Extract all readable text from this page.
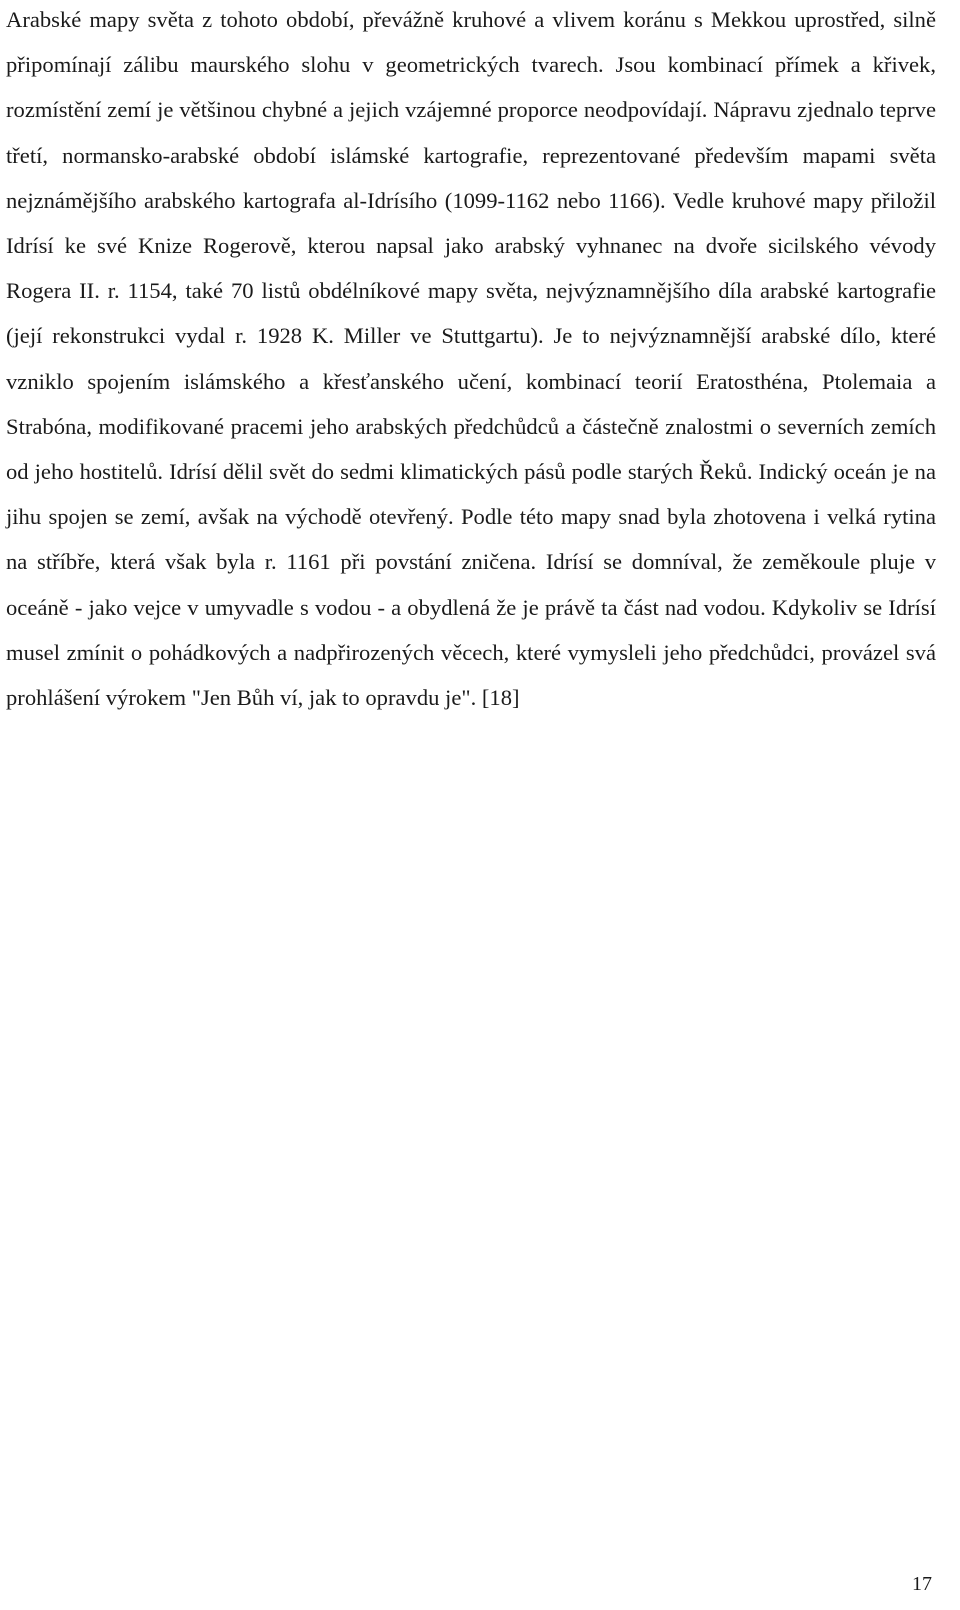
Arabské mapy světa z tohoto období, převážně kruhové a vlivem koránu s Mekkou uprostřed, silně připomínají zálibu maurského slohu v geometrických tvarech. Jsou kombinací přímek a křivek, rozmístění zemí je většinou chybné a jejich vzájemné proporce neodpovídají. Nápravu zjednalo teprve třetí, normansko-arabské období islámské kartografie, reprezentované především mapami světa nejznámějšího arabského kartografa al-Idrísího (1099-1162 nebo 1166). Vedle kruhové mapy přiložil Idrísí ke své Knize Rogerově, kterou napsal jako arabský vyhnanec na dvoře sicilského vévody Rogera II. r. 1154, také 70 listů obdélníkové mapy světa, nejvýznamnějšího díla arabské kartografie (její rekonstrukci vydal r. 1928 K. Miller ve Stuttgartu). Je to nejvýznamnější arabské dílo, které vzniklo spojením islámského a křesťanského učení, kombinací teorií Eratosthéna, Ptolemaia a Strabóna, modifikované pracemi jeho arabských předchůdců a částečně znalostmi o severních zemích od jeho hostitelů. Idrísí dělil svět do sedmi klimatických pásů podle starých Řeků. Indický oceán je na jihu spojen se zemí, avšak na východě otevřený. Podle této mapy snad byla zhotovena i velká rytina na stříbře, která však byla r. 1161 při povstání zničena. Idrísí se domníval, že zeměkoule pluje v oceáně - jako vejce v umyvadle s vodou - a obydlená že je právě ta část nad vodou. Kdykoliv se Idrísí musel zmínit o pohádkových a nadpřirozených věcech, které vymysleli jeho předchůdci, provázel svá prohlášení výrokem "Jen Bůh ví, jak to opravdu je". [18]

17
